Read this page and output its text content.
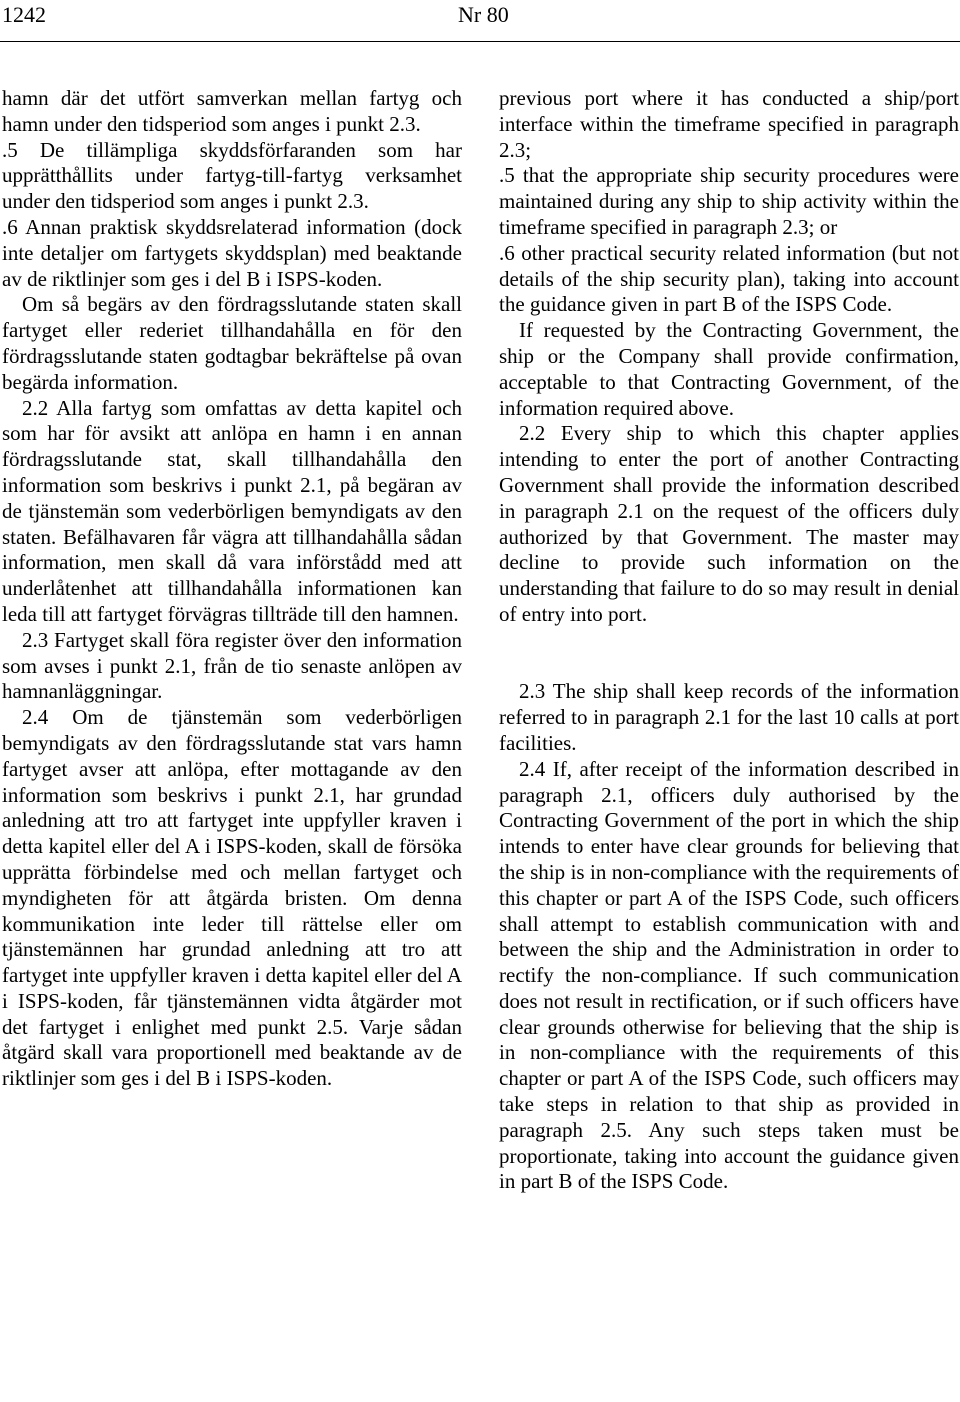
1242	Nr 80

hamn där det utfört samverkan mellan fartyg och hamn under den tidsperiod som anges i punkt 2.3.

.5 De tillämpliga skyddsförfaranden som har upprätthållits under fartyg-till-fartyg verksamhet under den tidsperiod som anges i punkt 2.3.

.6 Annan praktisk skyddsrelaterad information (dock inte detaljer om fartygets skyddsplan) med beaktande av de riktlinjer som ges i del B i ISPS-koden.

Om så begärs av den fördragsslutande staten skall fartyget eller rederiet tillhandahålla en för den fördragsslutande staten godtagbar bekräftelse på ovan begärda information.

2.2 Alla fartyg som omfattas av detta kapitel och som har för avsikt att anlöpa en hamn i en annan fördragsslutande stat, skall tillhandahålla den information som beskrivs i punkt 2.1, på begäran av de tjänstemän som vederbörligen bemyndigats av den staten. Befälhavaren får vägra att tillhandahålla sådan information, men skall då vara införstådd med att underlåtenhet att tillhandahålla informationen kan leda till att fartyget förvägras tillträde till den hamnen.

2.3 Fartyget skall föra register över den information som avses i punkt 2.1, från de tio senaste anlöpen av hamnanläggningar.

2.4 Om de tjänstemän som vederbörligen bemyndigats av den fördragsslutande stat vars hamn fartyget avser att anlöpa, efter mottagande av den information som beskrivs i punkt 2.1, har grundad anledning att tro att fartyget inte uppfyller kraven i detta kapitel eller del A i ISPS-koden, skall de försöka upprätta förbindelse med och mellan fartyget och myndigheten för att åtgärda bristen. Om denna kommunikation inte leder till rättelse eller om tjänstemännen har grundad anledning att tro att fartyget inte uppfyller kraven i detta kapitel eller del A i ISPS-koden, får tjänstemännen vidta åtgärder mot det fartyget i enlighet med punkt 2.5. Varje sådan åtgärd skall vara proportionell med beaktande av de riktlinjer som ges i del B i ISPS-koden.

previous port where it has conducted a ship/port interface within the timeframe specified in paragraph 2.3;

.5 that the appropriate ship security procedures were maintained during any ship to ship activity within the timeframe specified in paragraph 2.3; or

.6 other practical security related information (but not details of the ship security plan), taking into account the guidance given in part B of the ISPS Code.

If requested by the Contracting Government, the ship or the Company shall provide confirmation, acceptable to that Contracting Government, of the information required above.

2.2 Every ship to which this chapter applies intending to enter the port of another Contracting Government shall provide the information described in paragraph 2.1 on the request of the officers duly authorized by that Government. The master may decline to provide such information on the understanding that failure to do so may result in denial of entry into port.

2.3 The ship shall keep records of the information referred to in paragraph 2.1 for the last 10 calls at port facilities.

2.4 If, after receipt of the information described in paragraph 2.1, officers duly authorised by the Contracting Government of the port in which the ship intends to enter have clear grounds for believing that the ship is in non-compliance with the requirements of this chapter or part A of the ISPS Code, such officers shall attempt to establish communication with and between the ship and the Administration in order to rectify the non-compliance. If such communication does not result in rectification, or if such officers have clear grounds otherwise for believing that the ship is in non-compliance with the requirements of this chapter or part A of the ISPS Code, such officers may take steps in relation to that ship as provided in paragraph 2.5. Any such steps taken must be proportionate, taking into account the guidance given in part B of the ISPS Code.
